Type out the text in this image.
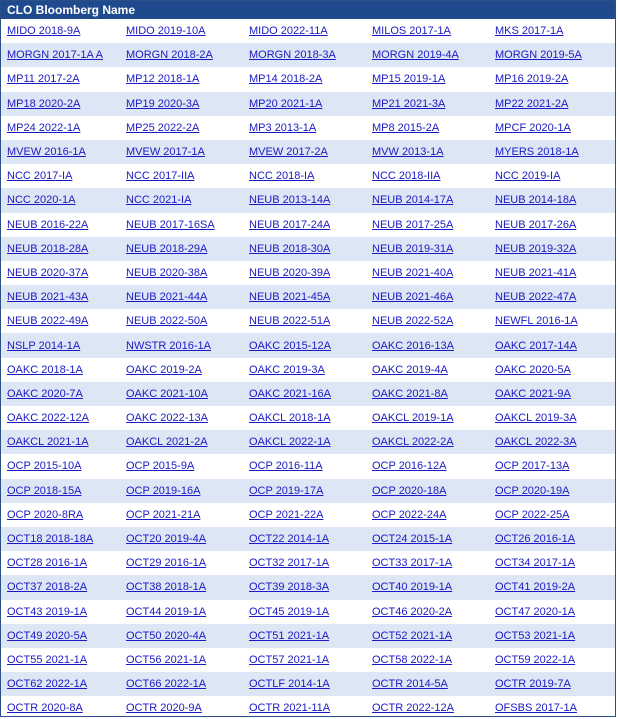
CLO Bloomberg Name
MIDO 2018-9A	MIDO 2019-10A	MIDO 2022-11A	MILOS 2017-1A	MKS 2017-1A
MORGN 2017-1A A	MORGN 2018-2A	MORGN 2018-3A	MORGN 2019-4A	MORGN 2019-5A
MP11 2017-2A	MP12 2018-1A	MP14 2018-2A	MP15 2019-1A	MP16 2019-2A
MP18 2020-2A	MP19 2020-3A	MP20 2021-1A	MP21 2021-3A	MP22 2021-2A
MP24 2022-1A	MP25 2022-2A	MP3 2013-1A	MP8 2015-2A	MPCF 2020-1A
MVEW 2016-1A	MVEW 2017-1A	MVEW 2017-2A	MVW 2013-1A	MYERS 2018-1A
NCC 2017-IA	NCC 2017-IIA	NCC 2018-IA	NCC 2018-IIA	NCC 2019-IA
NCC 2020-1A	NCC 2021-IA	NEUB 2013-14A	NEUB 2014-17A	NEUB 2014-18A
NEUB 2016-22A	NEUB 2017-16SA	NEUB 2017-24A	NEUB 2017-25A	NEUB 2017-26A
NEUB 2018-28A	NEUB 2018-29A	NEUB 2018-30A	NEUB 2019-31A	NEUB 2019-32A
NEUB 2020-37A	NEUB 2020-38A	NEUB 2020-39A	NEUB 2021-40A	NEUB 2021-41A
NEUB 2021-43A	NEUB 2021-44A	NEUB 2021-45A	NEUB 2021-46A	NEUB 2022-47A
NEUB 2022-49A	NEUB 2022-50A	NEUB 2022-51A	NEUB 2022-52A	NEWFL 2016-1A
NSLP 2014-1A	NWSTR 2016-1A	OAKC 2015-12A	OAKC 2016-13A	OAKC 2017-14A
OAKC 2018-1A	OAKC 2019-2A	OAKC 2019-3A	OAKC 2019-4A	OAKC 2020-5A
OAKC 2020-7A	OAKC 2021-10A	OAKC 2021-16A	OAKC 2021-8A	OAKC 2021-9A
OAKC 2022-12A	OAKC 2022-13A	OAKCL 2018-1A	OAKCL 2019-1A	OAKCL 2019-3A
OAKCL 2021-1A	OAKCL 2021-2A	OAKCL 2022-1A	OAKCL 2022-2A	OAKCL 2022-3A
OCP 2015-10A	OCP 2015-9A	OCP 2016-11A	OCP 2016-12A	OCP 2017-13A
OCP 2018-15A	OCP 2019-16A	OCP 2019-17A	OCP 2020-18A	OCP 2020-19A
OCP 2020-8RA	OCP 2021-21A	OCP 2021-22A	OCP 2022-24A	OCP 2022-25A
OCT18 2018-18A	OCT20 2019-4A	OCT22 2014-1A	OCT24 2015-1A	OCT26 2016-1A
OCT28 2016-1A	OCT29 2016-1A	OCT32 2017-1A	OCT33 2017-1A	OCT34 2017-1A
OCT37 2018-2A	OCT38 2018-1A	OCT39 2018-3A	OCT40 2019-1A	OCT41 2019-2A
OCT43 2019-1A	OCT44 2019-1A	OCT45 2019-1A	OCT46 2020-2A	OCT47 2020-1A
OCT49 2020-5A	OCT50 2020-4A	OCT51 2021-1A	OCT52 2021-1A	OCT53 2021-1A
OCT55 2021-1A	OCT56 2021-1A	OCT57 2021-1A	OCT58 2022-1A	OCT59 2022-1A
OCT62 2022-1A	OCT66 2022-1A	OCTLF 2014-1A	OCTR 2014-5A	OCTR 2019-7A
OCTR 2020-8A	OCTR 2020-9A	OCTR 2021-11A	OCTR 2022-12A	OFSBS 2017-1A
